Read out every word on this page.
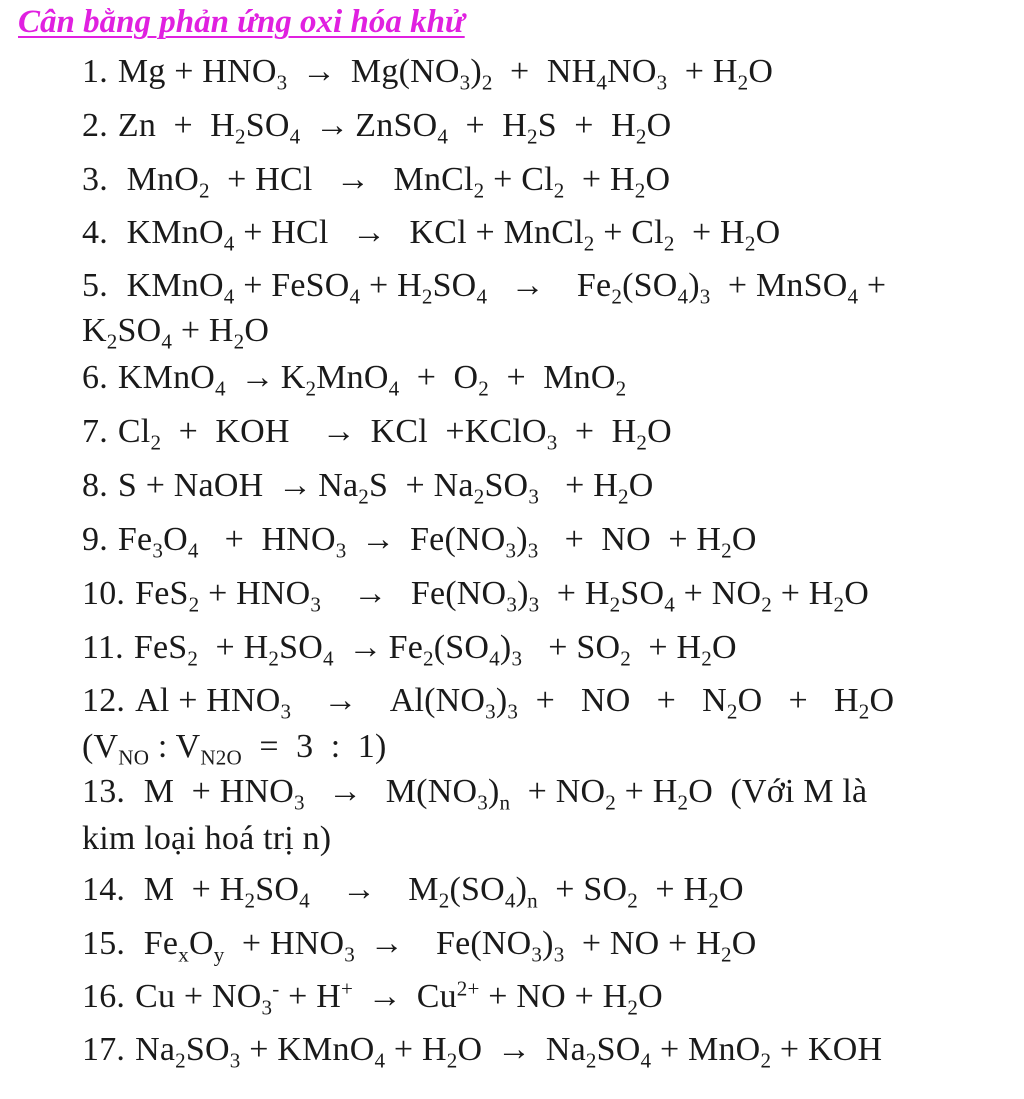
Cân bằng phản ứng oxi hóa khử
1. $Mg + HNO_3 \to Mg(NO_3)_2 + NH_4NO_3 + H_2O$
2. $Zn + H_2SO_4$ → ZnSO$_4$  +  $H_2S + H_2O$
3. MnO$_2$  + HCl  →  MnCl$_2$ + $Cl_2 + H_2O$
4. KMnO$_4$ + HCl  →  KCl + MnCl$_2$ + $Cl_2 + H_2O$
5. KMnO$_4$ + FeSO$_4$ + $H_2SO_4 \to Fe_2(SO_4)_3$  + MnSO$_4$ +
$K_2SO_4 + H_2O$
6. KMnO$_4$ → $K_2MnO_4 + O_2 + MnO_2$
7. $Cl_2$  +  KOH   → KCl  +KClO$_3$  +  $H_2O$
8. S + NaOH → $Na_2S + Na_2SO_3 + H_2O$
9. $Fe_3O_4 + HNO_3 \to Fe(NO_3)_3$   +  NO  + $H_2O$
10. $FeS_2 + HNO_3 \to Fe(NO_3)_3 + H_2SO_4 + NO_2 + H_2O$
11. $FeS_2 + H_2SO_4 \to Fe_2(SO_4)_3 + SO_2 + H_2O$
12. $Al + HNO_3 \to Al(NO_3)_3$  +   NO   +   $N_2O + H_2O$
($V_{NO}$ : $V_{N2O} = 3$  :  1)
13. $M + HNO_3 \to M(NO_3)_n + NO_2 + H_2O$  (Với M là
kim loại hoá trị n)
14. $M + H_2SO_4 \to M_2(SO_4)_n + SO_2 + H_2O$
15. $Fe_xO_y + HNO_3 \to Fe(NO_3)_3$  + NO + $H_2O$
16. $Cu + NO_3^- + H^+ \to Cu^{2+}$ + NO + $H_2O$
17. $Na_2SO_3$ + KMnO$_4$ + $H_2O \to Na_2SO_4 + MnO_2$ + KOH
